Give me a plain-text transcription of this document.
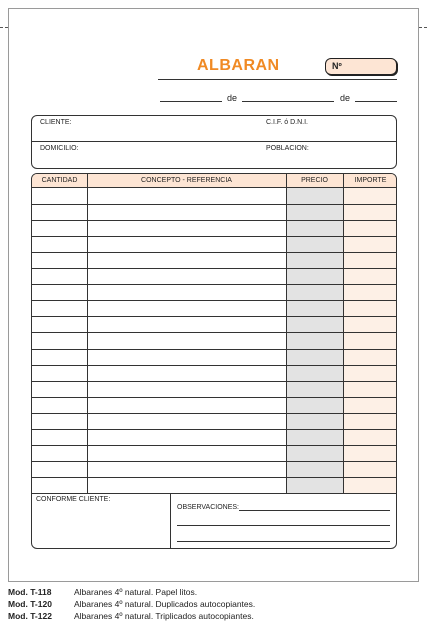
ALBARAN	Nº
de	de
CLIENTE:	C.I.F. ó D.N.I.
DOMICILIO:	POBLACION:
CANTIDAD	CONCEPTO - REFERENCIA	PRECIO	IMPORTE
CONFORME CLIENTE:
OBSERVACIONES:
Mod. T-118	Albaranes 4º natural. Papel litos.
Mod. T-120	Albaranes 4º natural. Duplicados autocopiantes.
Mod. T-122	Albaranes 4º natural. Triplicados autocopiantes.
